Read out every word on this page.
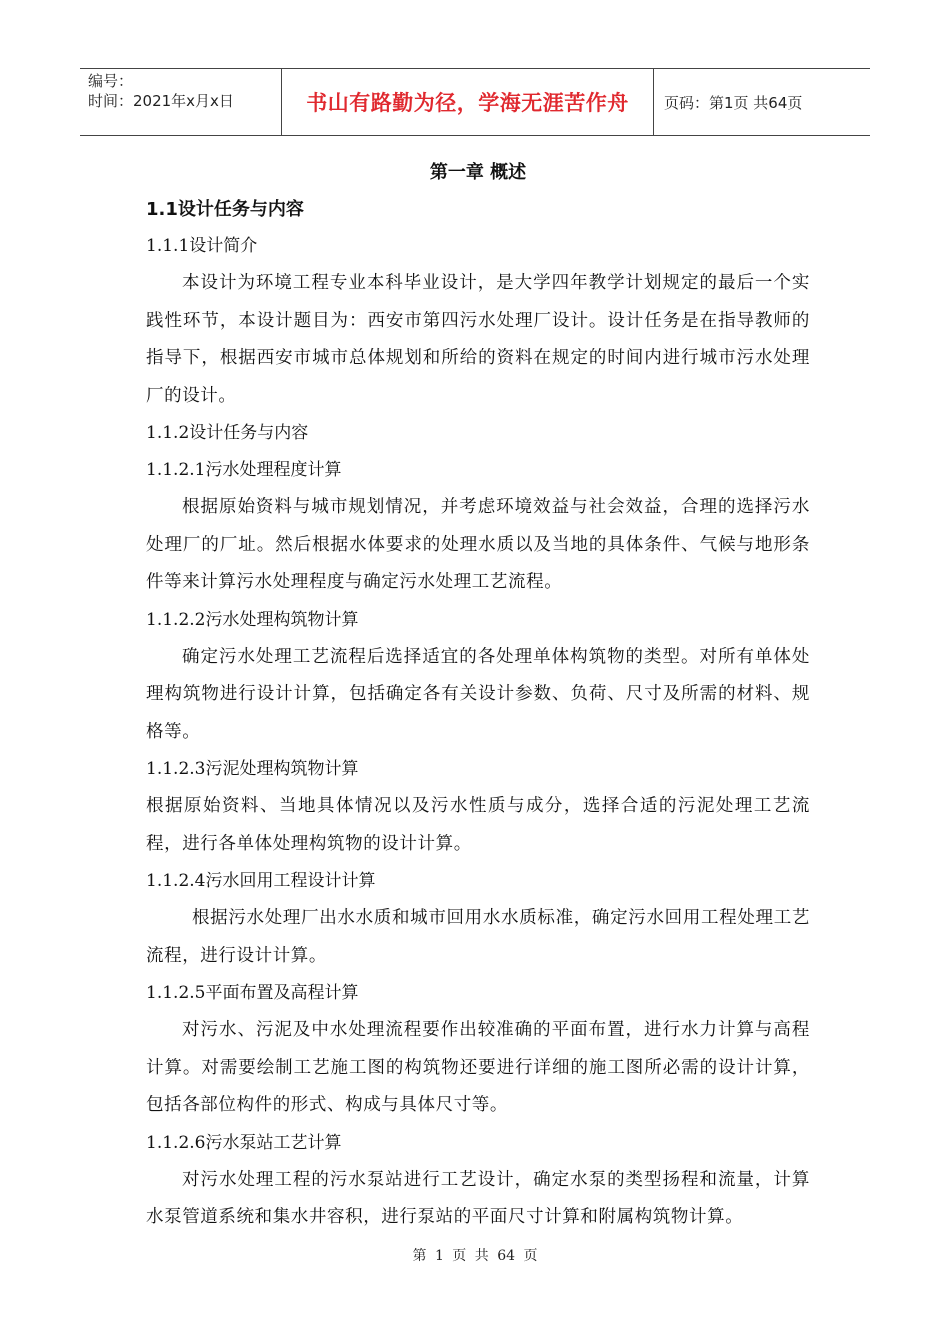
编号：
时间：2021年x月x日	书山有路勤为径，学海无涯苦作舟 页码：第1页 共64页
第一章 概述
1.1设计任务与内容
1.1.1设计简介

本设计为环境工程专业本科毕业设计，是大学四年教学计划规定的最后一个实践性环节，本设计题目为：西安市第四污水处理厂设计。设计任务是在指导教师的指导下，根据西安市城市总体规划和所给的资料在规定的时间内进行城市污水处理厂的设计。

1.1.2设计任务与内容
1.1.2.1污水处理程度计算

根据原始资料与城市规划情况，并考虑环境效益与社会效益，合理的选择污水处理厂的厂址。然后根据水体要求的处理水质以及当地的具体条件、气候与地形条件等来计算污水处理程度与确定污水处理工艺流程。

1.1.2.2污水处理构筑物计算

确定污水处理工艺流程后选择适宜的各处理单体构筑物的类型。对所有单体处理构筑物进行设计计算，包括确定各有关设计参数、负荷、尺寸及所需的材料、规格等。

1.1.2.3污泥处理构筑物计算

根据原始资料、当地具体情况以及污水性质与成分，选择合适的污泥处理工艺流程，进行各单体处理构筑物的设计计算。

1.1.2.4污水回用工程设计计算

根据污水处理厂出水水质和城市回用水水质标准，确定污水回用工程处理工艺流程，进行设计计算。

1.1.2.5平面布置及高程计算

对污水、污泥及中水处理流程要作出较准确的平面布置，进行水力计算与高程计算。对需要绘制工艺施工图的构筑物还要进行详细的施工图所必需的设计计算，包括各部位构件的形式、构成与具体尺寸等。

1.1.2.6污水泵站工艺计算

对污水处理工程的污水泵站进行工艺设计，确定水泵的类型扬程和流量，计算水泵管道系统和集水井容积，进行泵站的平面尺寸计算和附属构筑物计算。

第 1 页 共 64 页
